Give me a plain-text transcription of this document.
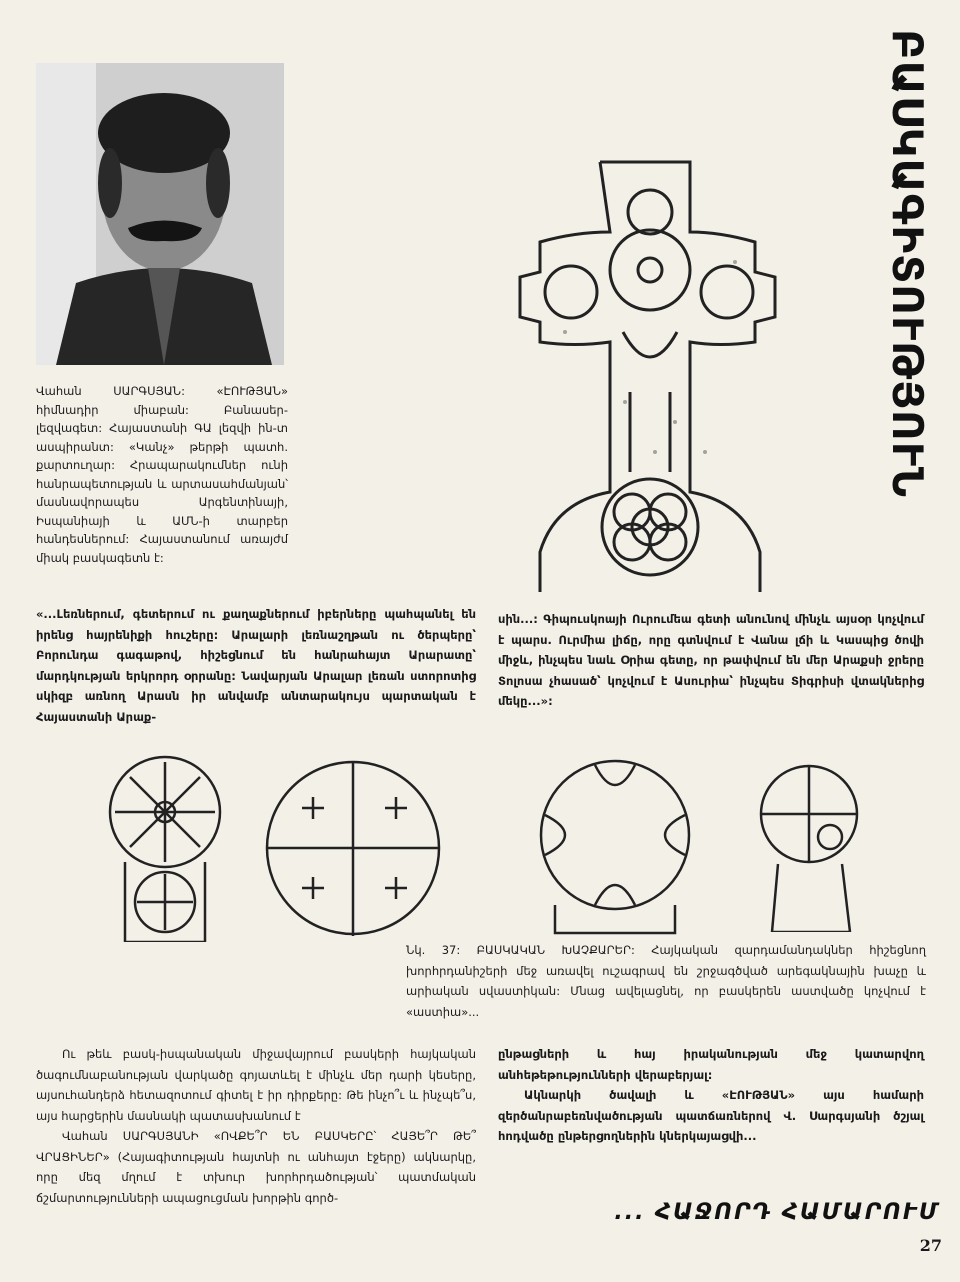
ԲԱՍԿԱԳԻՏՈՒԹՅՈՒՆ
Վահան ՍԱՐԳՍՅԱՆ: «ԷՈՒԹՅԱՆ» հիմնադիր միաբան: Բանասեր-լեզվագետ: Հայաստանի ԳԱ լեզվի ին-տ ասպիրանտ: «Կանչ» թերթի պատհ. քարտուղար: Հրապարակումներ ունի հանրապետության և արտասահմանյան՝ մասնավորապես Արգենտինայի, Իսպանիայի և ԱՄՆ-ի տարբեր հանդեսներում: Հայաստանում առայժմ միակ բասկագետն է:
«...Լեռներում, գետերում ու քաղաքներում իբերները պահպանել են իրենց հայրենիքի հուշերը: Արալարի լեռնաշղթան ու ծերպերը՝ Բորունդա գագաթով, հիշեցնում են հանրահայտ Արարատը՝ մարդկության երկրորդ օրրանը: Նավարյան Արալար լեռան ստորոտից սկիզբ առնող Արասն իր անվամբ անտարակույս պարտական է Հայաստանի Արաք-
սին...: Գիպուսկոայի Ուրումեա գետի անունով մինչև այսօր կոչվում է պարս. Ուրմիա լիճը, որը գտնվում է Վանա լճի և Կասպից ծովի միջև, ինչպես նաև Օրիա գետը, որ թափվում են մեր Արաքսի ջրերը Տոլոսա չհասած՝ կոչվում է Ասուրիա՝ ինչպես Տիգրիսի վտակներից մեկը...»:
Նկ. 37: ԲԱՍԿԱԿԱՆ ԽԱՉՔԱՐԵՐ: Հայկական զարդամանդակներ հիշեցնող խորհրդանիշերի մեջ առավել ուշագրավ են շրջագծված արեգակնային խաչը և արիական սվաստիկան: Մնաց ավելացնել, որ բասկերեն աստվածը կոչվում է «աստիա»...

Ու թեև բասկ-իսպանական միջավայրում բասկերի հայկական ծագումնաբանության վարկածը գոյատևել է մինչև մեր դարի կեսերը, այսուհանդերձ հետազոտում գիտել է իր դիրքերը: Թե ինչո՞ւ և ինչպե՞ս, այս հարցերին մասնակի պատասխանում է

Վահան ՍԱՐԳՍՅԱՆԻ «ՈՎՔԵ՞Ր ԵՆ ԲԱՍԿԵՐԸ՝ ՀԱՅԵ՞Ր ԹԵ՞ ՎՐԱՑԻՆԵՐ» (Հայագիտության հայտնի ու անհայտ էջերը) ակնարկը, որը մեզ մղում է տխուր խորհրդածության՝ պատմական ճշմարտությունների ապացուցման խորթին գործ-

ընթացների և հայ իրականության մեջ կատարվող անհեթեթությունների վերաբերյալ:

Ակնարկի ծավալի և «ԷՈՒԹՅԱՆ» այս համարի զերծանրաբեռնվածության պատճառներով Վ. Սարգսյանի ծշյալ հոդվածը ընթերցողներին կներկայացվի...

... ՀԱՋՈՐԴ ՀԱՄԱՐՈՒՄ
27
